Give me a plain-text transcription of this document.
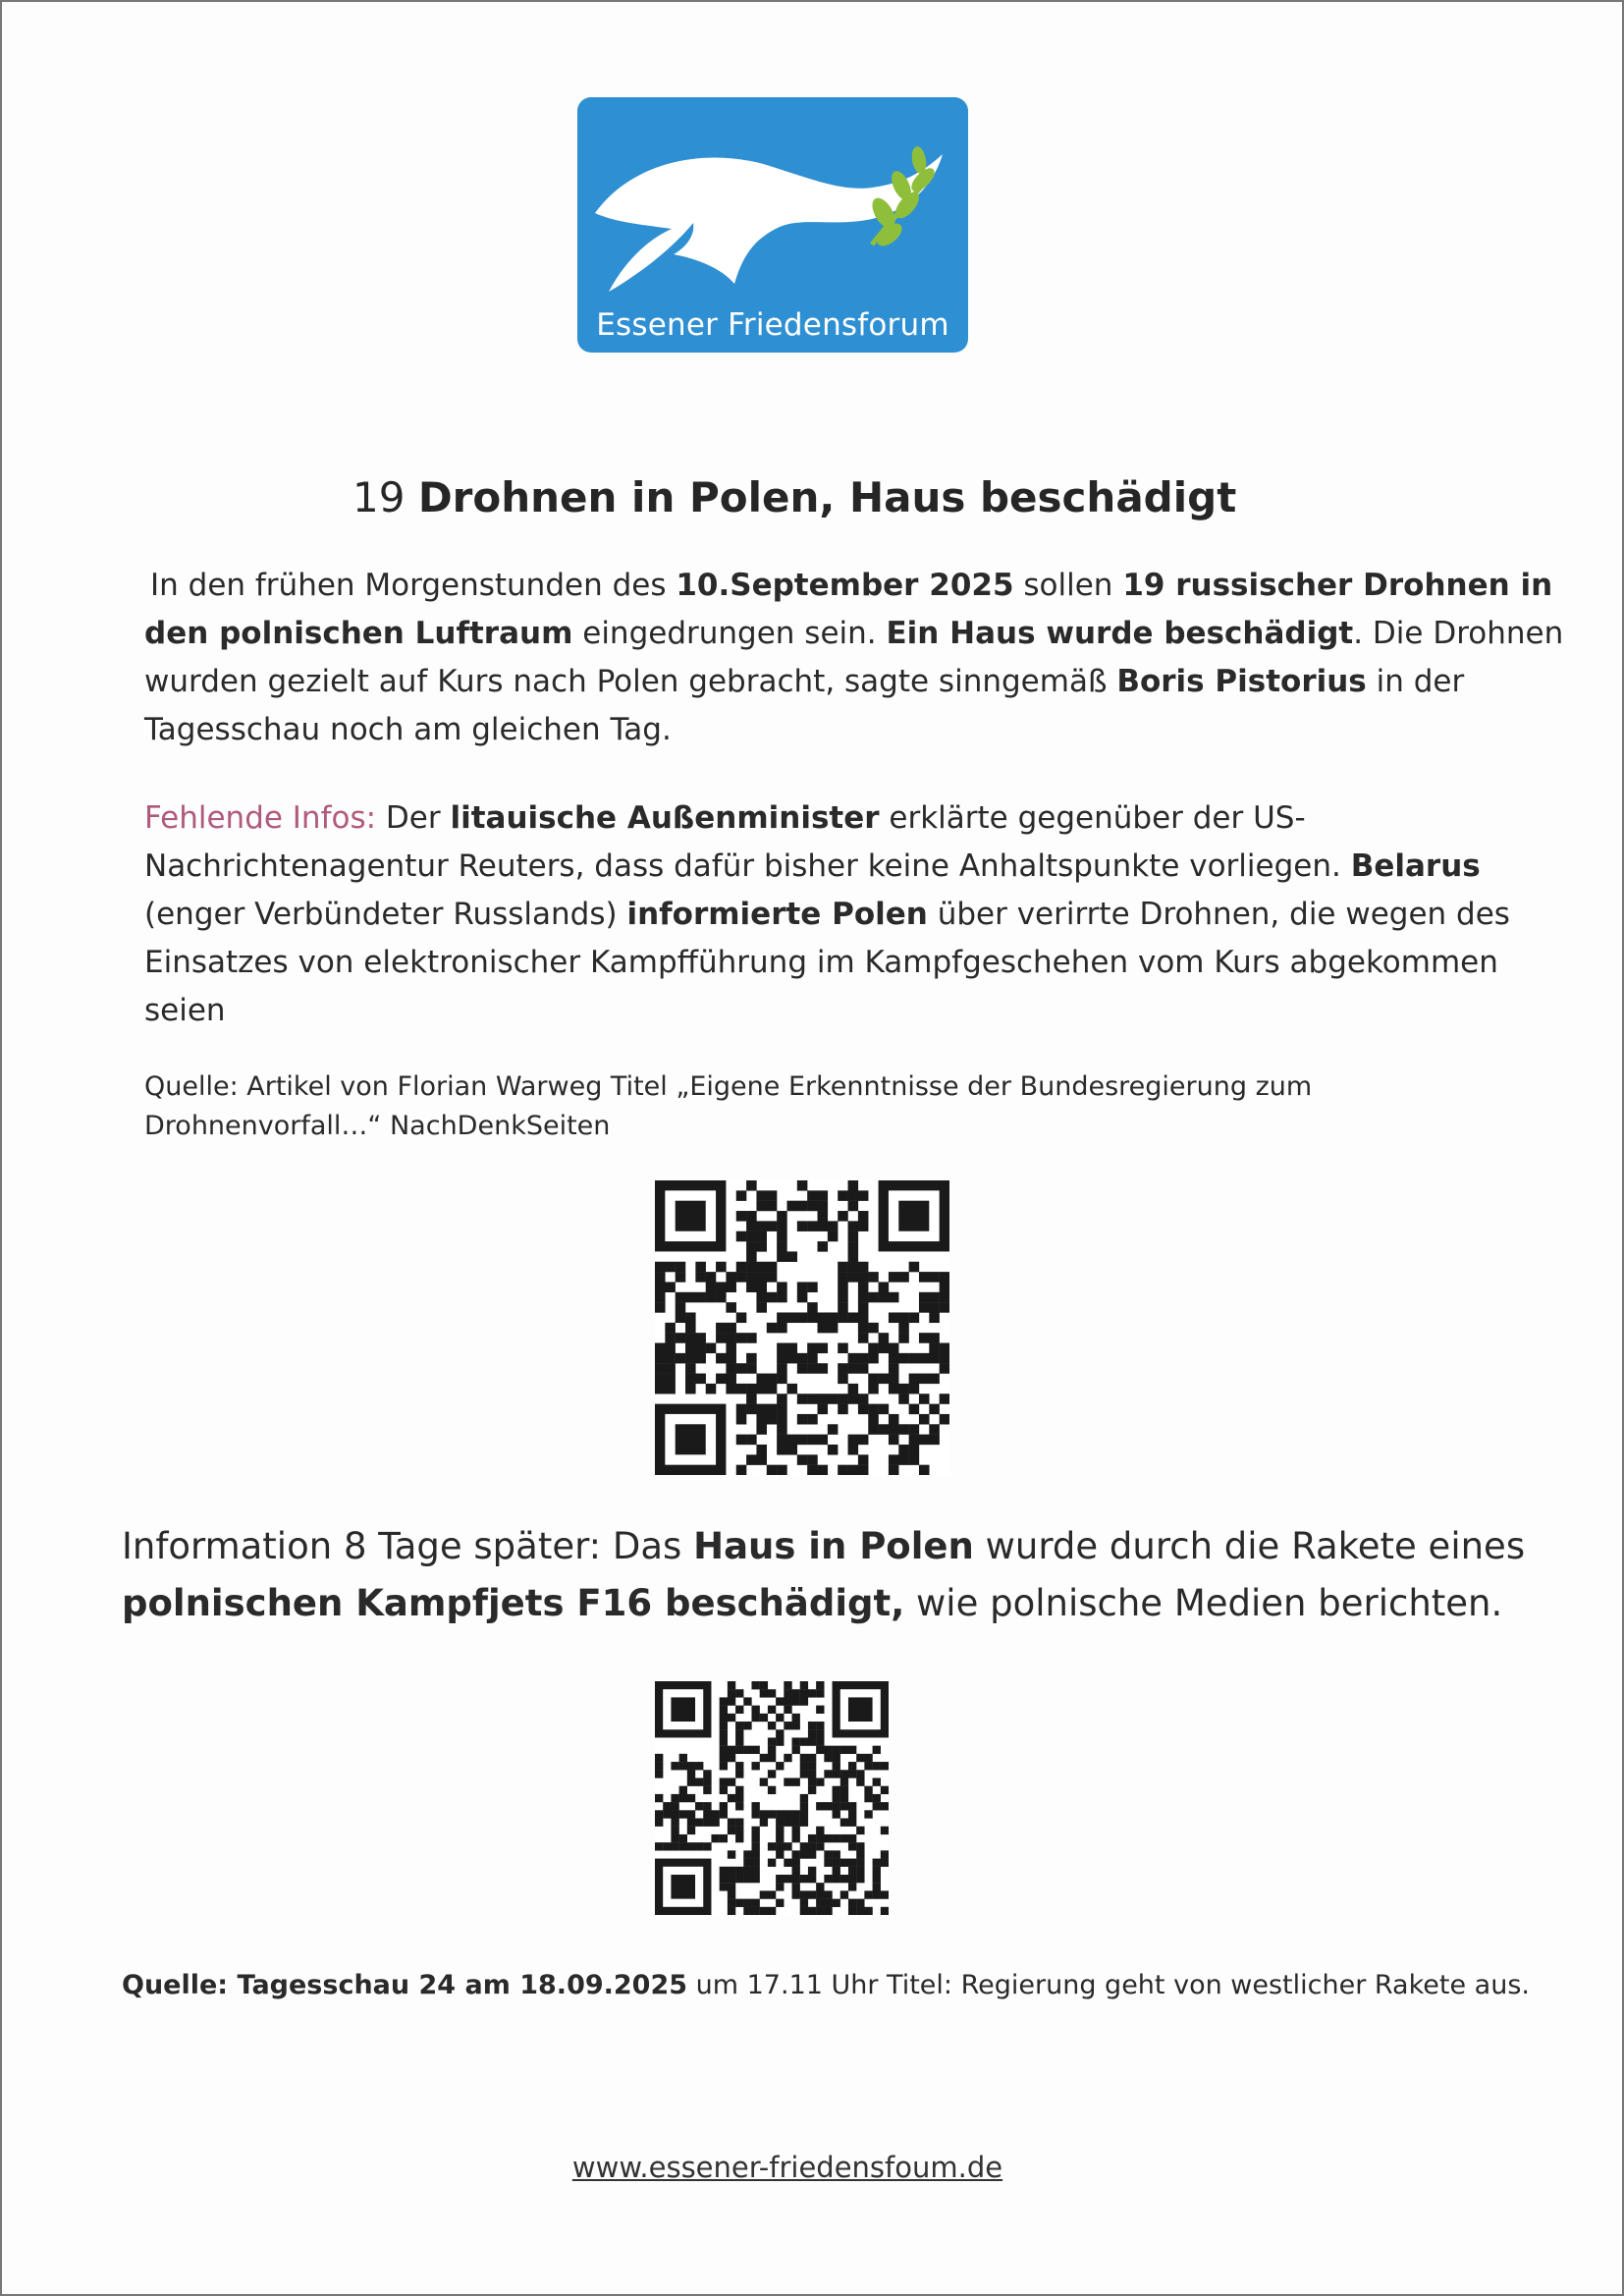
Essener Friedensforum
19 Drohnen in Polen, Haus beschädigt
In den frühen Morgenstunden des 10.September 2025 sollen 19 russischer Drohnen in
den polnischen Luftraum eingedrungen sein. Ein Haus wurde beschädigt. Die Drohnen
wurden gezielt auf Kurs nach Polen gebracht, sagte sinngemäß Boris Pistorius in der
Tagesschau noch am gleichen Tag.
Fehlende Infos: Der litauische Außenminister erklärte gegenüber der US-
Nachrichtenagentur Reuters, dass dafür bisher keine Anhaltspunkte vorliegen. Belarus
(enger Verbündeter Russlands) informierte Polen über verirrte Drohnen, die wegen des
Einsatzes von elektronischer Kampfführung im Kampfgeschehen vom Kurs abgekommen
seien
Quelle: Artikel von Florian Warweg Titel „Eigene Erkenntnisse der Bundesregierung zum
Drohnenvorfall…“ NachDenkSeiten
Information 8 Tage später: Das Haus in Polen wurde durch die Rakete eines
polnischen Kampfjets F16 beschädigt, wie polnische Medien berichten.
Quelle: Tagesschau 24 am 18.09.2025 um 17.11 Uhr Titel: Regierung geht von westlicher Rakete aus.
www.essener-friedensfoum.de
